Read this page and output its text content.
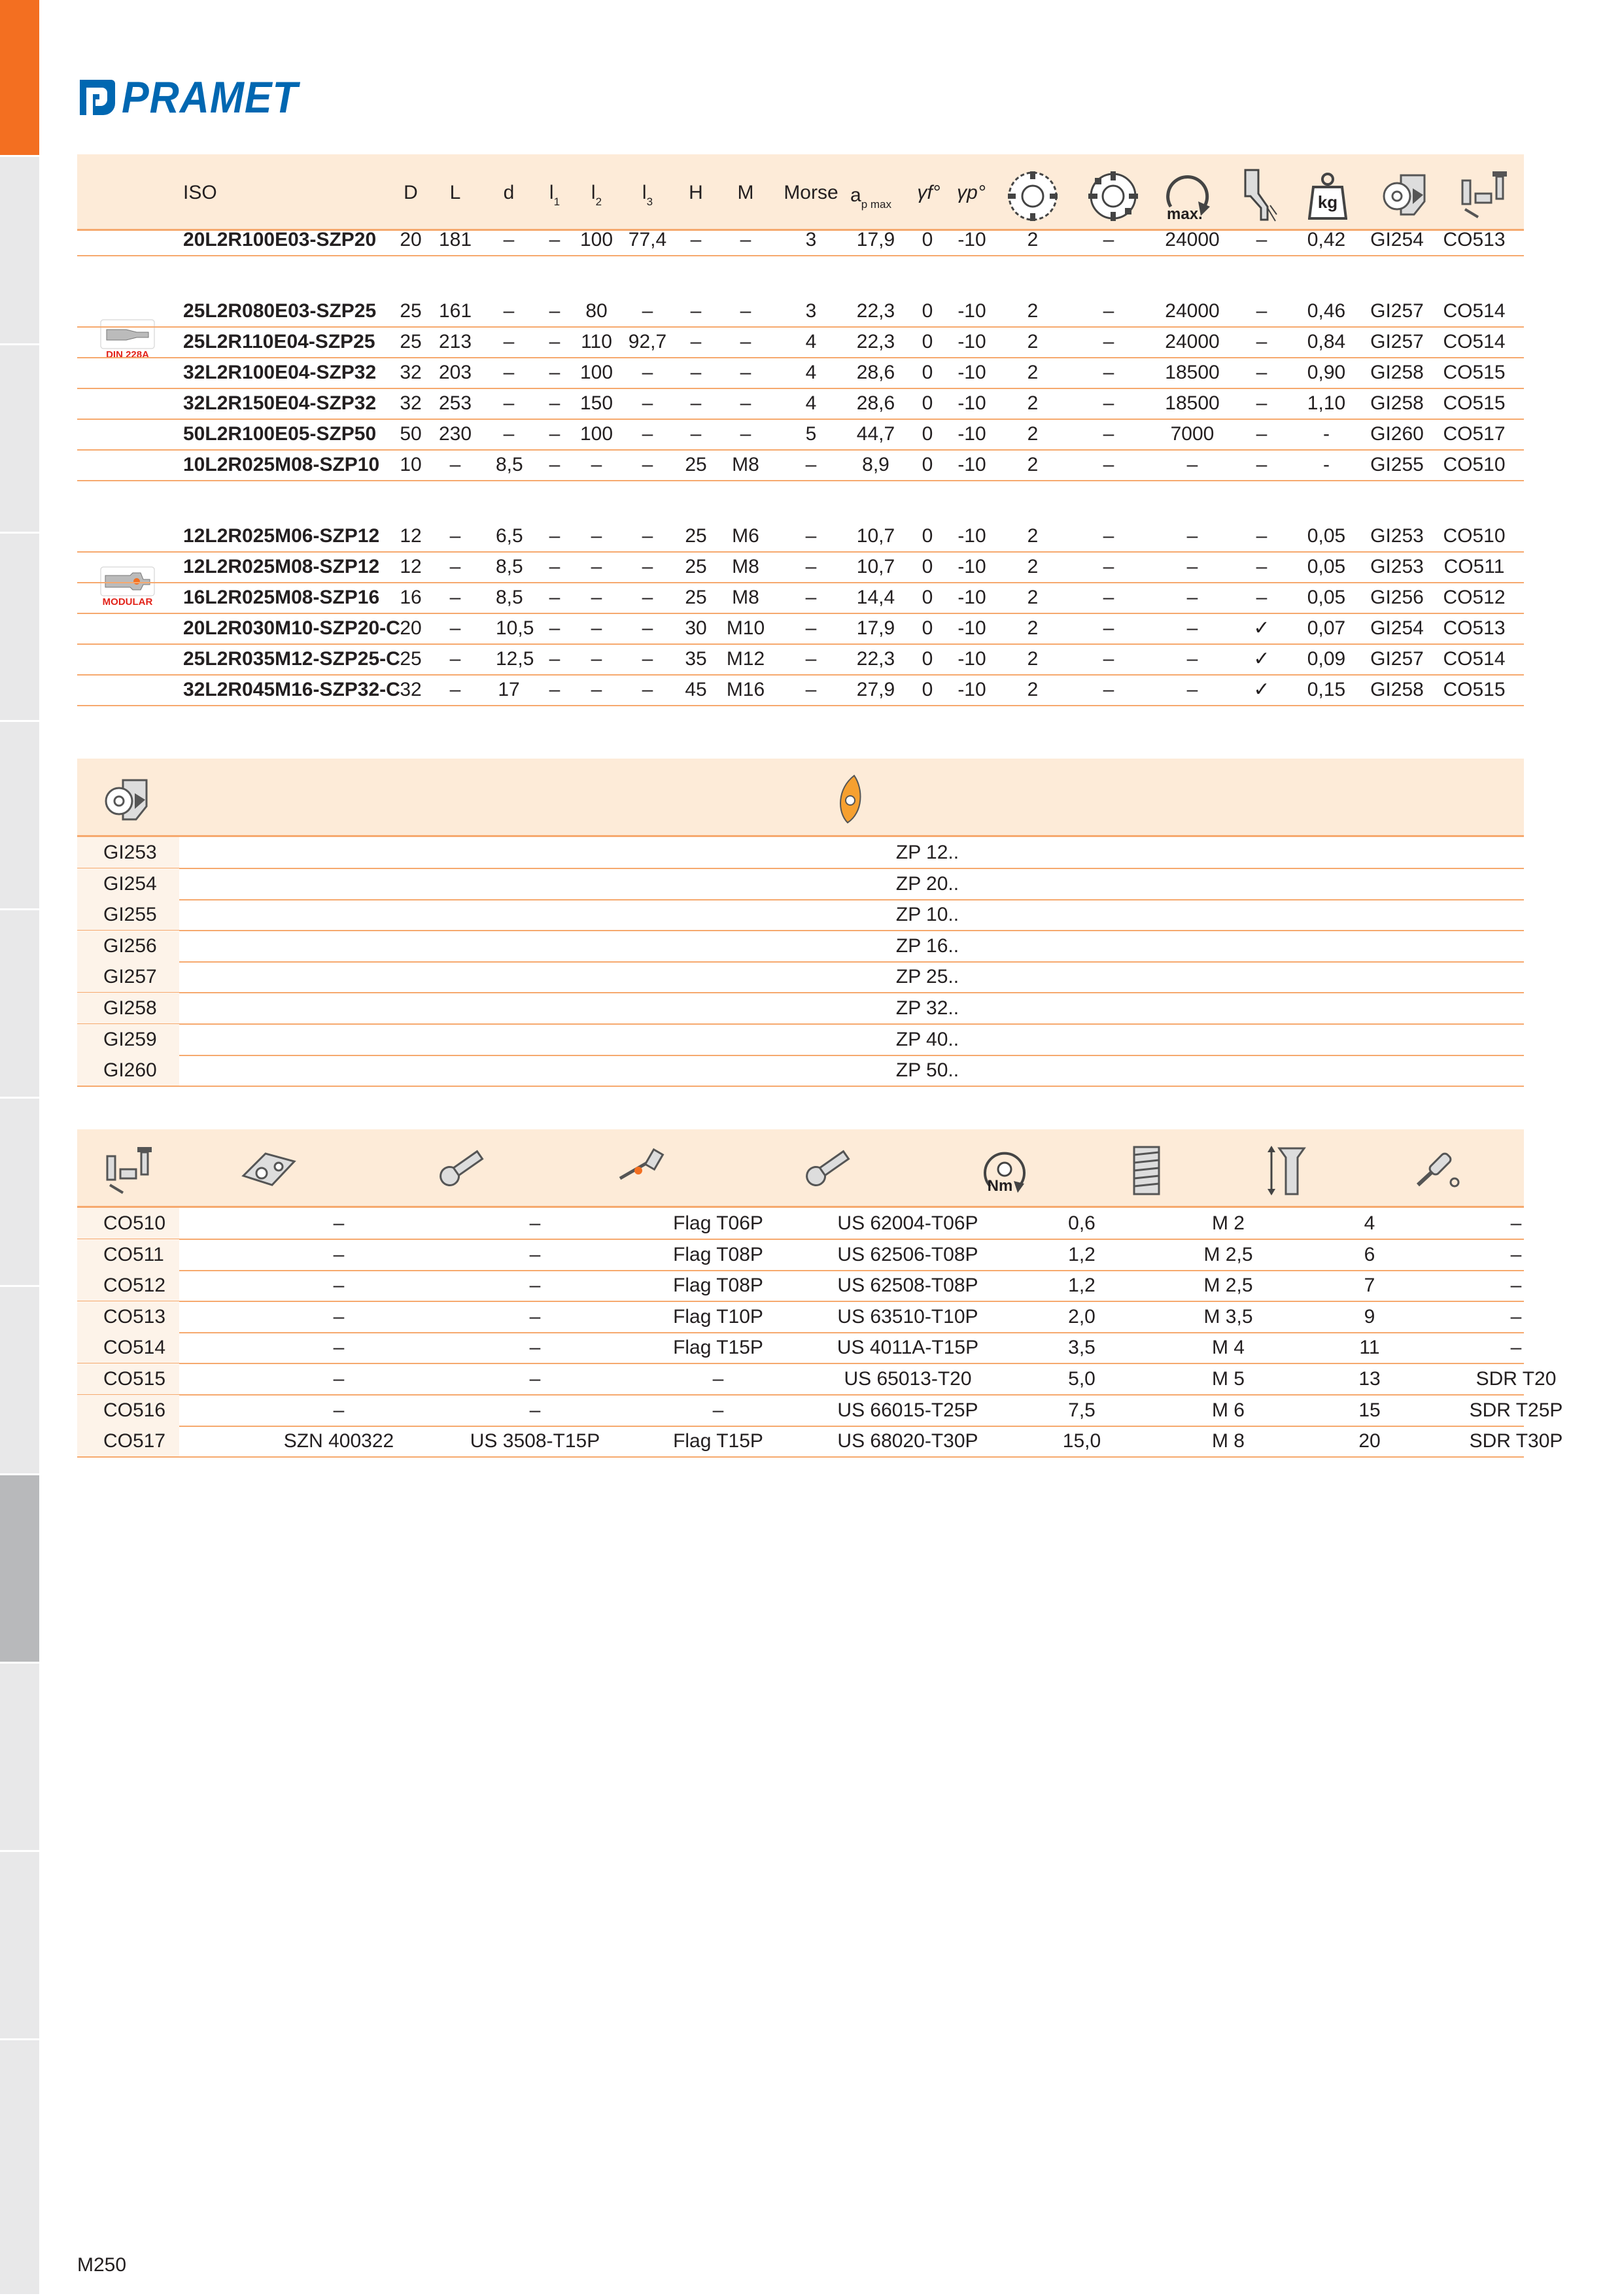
PRAMET
ISO	D	L	d	$l_1$	$l_2$	$l_3$	H	M Morse $a_{p max}$
γf° γp°
max.
kg
DIN 228A
MODULAR
20L2R100E03-SZP20 20 181	–	–	100 77,4	–	–	3	17,9	0	-10	2	–	24000	–	0,42	GI254 CO513
25L2R080E03-SZP25 25 161	–	–	80	–	–	–	3	22,3	0	-10	2	–	24000	–	0,46	GI257 CO514
25L2R110E04-SZP25 25 213	–	–	110 92,7	–	–	4	22,3	0	-10	2	–	24000	–	0,84	GI257 CO514
32L2R100E04-SZP32 32 203	–	–	100	–	–	–	4	28,6	0	-10	2	–	18500	–	0,90	GI258 CO515
32L2R150E04-SZP32 32 253	–	–	150	–	–	–	4	28,6	0	-10	2	–	18500	–	1,10	GI258 CO515
50L2R100E05-SZP50 50 230	–	–	100	–	–	–	5	44,7	0	-10	2	–	7000	–	-	GI260 CO517
10L2R025M08-SZP10 10	–	8,5	–	–	–	25	M8	–	8,9	0	-10	2	–	–	–	-	GI255 CO510
12L2R025M06-SZP12 12	–	6,5	–	–	–	25	M6	–	10,7	0	-10	2	–	–	–	0,05	GI253 CO510
12L2R025M08-SZP12 12	–	8,5	–	–	–	25	M8	–	10,7	0	-10	2	–	–	–	0,05	GI253	CO511
16L2R025M08-SZP16 16	–	8,5	–	–	–	25	M8	–	14,4	0	-10	2	–	–	–	0,05	GI256 CO512
20L2R030M10-SZP20-C 20	–	10,5 –	–	–	30 M10	–	17,9	0	-10	2	–	–	✓	0,07	GI254 CO513
25L2R035M12-SZP25-C 25	–	12,5 –	–	–	35 M12	–	22,3	0	-10	2	–	–	✓	0,09	GI257 CO514
32L2R045M16-SZP32-C 32	–	17	–	–	–	45 M16	–	27,9	0	-10	2	–	–	✓	0,15	GI258 CO515
GI253	ZP 12..
GI254	ZP 20..
GI255	ZP 10..
GI256	ZP 16..
GI257	ZP 25..
GI258	ZP 32..
GI259	ZP 40..
GI260	ZP 50..
Nm
CO510	–	–	Flag T06P	US 62004-T06P	0,6	M 2	4	–
CO511	–	–	Flag T08P	US 62506-T08P	1,2	M 2,5	6	–
CO512	–	–	Flag T08P	US 62508-T08P	1,2	M 2,5	7	–
CO513	–	–	Flag T10P	US 63510-T10P	2,0	M 3,5	9	–
CO514	–	–	Flag T15P	US 4011A-T15P	3,5	M 4	11	–
CO515	–	–	–	US 65013-T20	5,0	M 5	13	SDR T20
CO516	–	–	–	US 66015-T25P	7,5	M 6	15	SDR T25P
CO517	SZN 400322	US 3508-T15P	Flag T15P	US 68020-T30P	15,0	M 8	20	SDR T30P
M250
